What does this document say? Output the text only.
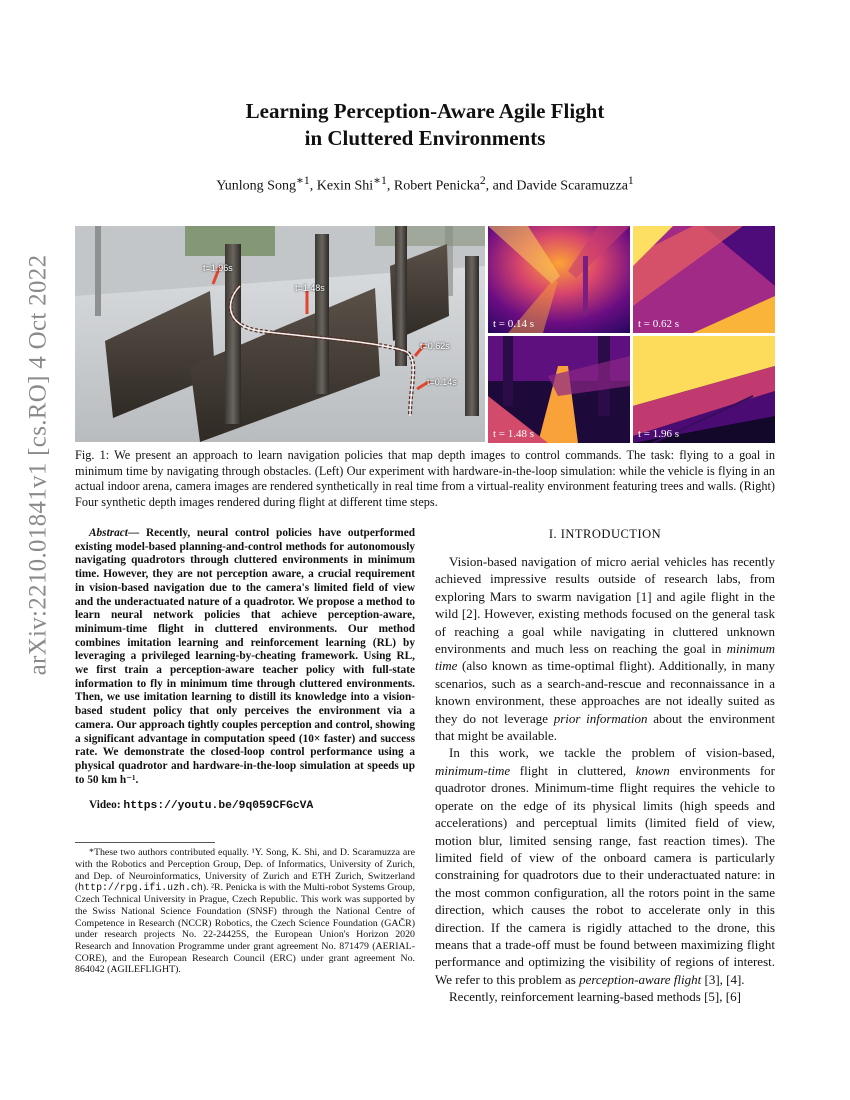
arXiv:2210.01841v1 [cs.RO] 4 Oct 2022
Learning Perception-Aware Agile Flight
in Cluttered Environments
Yunlong Song$^{∗1}$, Kexin Shi$^{∗1}$, Robert Penicka$^2$, and Davide Scaramuzza$^1$
t=1.96s
t=1.48s
t=0.62s
t=0.14s
t = 0.14 s	t = 0.62 s
t = 1.48 s	t = 1.96 s
Fig. 1: We present an approach to learn navigation policies that map depth images to control commands. The task: flying to a goal in minimum time by navigating through obstacles. (Left) Our experiment with hardware-in-the-loop simulation: while the vehicle is flying in an actual indoor arena, camera images are rendered synthetically in real time from a virtual-reality environment featuring trees and walls. (Right) Four synthetic depth images rendered during flight at different time steps.

Abstract— Recently, neural control policies have outperformed existing model-based planning-and-control methods for autonomously navigating quadrotors through cluttered environments in minimum time. However, they are not perception aware, a crucial requirement in vision-based navigation due to the camera's limited field of view and the underactuated nature of a quadrotor. We propose a method to learn neural network policies that achieve perception-aware, minimum-time flight in cluttered environments. Our method combines imitation learning and reinforcement learning (RL) by leveraging a privileged learning-by-cheating framework. Using RL, we first train a perception-aware teacher policy with full-state information to fly in minimum time through cluttered environments. Then, we use imitation learning to distill its knowledge into a vision-based student policy that only perceives the environment via a camera. Our approach tightly couples perception and control, showing a significant advantage in computation speed (10× faster) and success rate. We demonstrate the closed-loop control performance using a physical quadrotor and hardware-in-the-loop simulation at speeds up to 50 km h⁻¹.

Video: https://youtu.be/9q059CFGcVA

*These two authors contributed equally. ¹Y. Song, K. Shi, and D. Scaramuzza are with the Robotics and Perception Group, Dep. of Informatics, University of Zurich, and Dep. of Neuroinformatics, University of Zurich and ETH Zurich, Switzerland (http://rpg.ifi.uzh.ch). ²R. Penicka is with the Multi-robot Systems Group, Czech Technical University in Prague, Czech Republic. This work was supported by the Swiss National Science Foundation (SNSF) through the National Centre of Competence in Research (NCCR) Robotics, the Czech Science Foundation (GAČR) under research projects No. 22-24425S, the European Union's Horizon 2020 Research and Innovation Programme under grant agreement No. 871479 (AERIAL-CORE), and the European Research Council (ERC) under grant agreement No. 864042 (AGILEFLIGHT).

I. INTRODUCTION

Vision-based navigation of micro aerial vehicles has recently achieved impressive results outside of research labs, from exploring Mars to swarm navigation [1] and agile flight in the wild [2]. However, existing methods focused on the general task of reaching a goal while navigating in cluttered unknown environments and much less on reaching the goal in minimum time (also known as time-optimal flight). Additionally, in many scenarios, such as a search-and-rescue and reconnaissance in a known environment, these approaches are not ideally suited as they do not leverage prior information about the environment that might be available.

In this work, we tackle the problem of vision-based, minimum-time flight in cluttered, known environments for quadrotor drones. Minimum-time flight requires the vehicle to operate on the edge of its physical limits (high speeds and accelerations) and perceptual limits (limited field of view, motion blur, limited sensing range, fast reaction times). The limited field of view of the onboard camera is particularly constraining for quadrotors due to their underactuated nature: in the most common configuration, all the rotors point in the same direction, which causes the robot to accelerate only in this direction. If the camera is rigidly attached to the drone, this means that a trade-off must be found between maximizing flight performance and optimizing the visibility of regions of interest. We refer to this problem as perception-aware flight [3], [4].

Recently, reinforcement learning-based methods [5], [6]
